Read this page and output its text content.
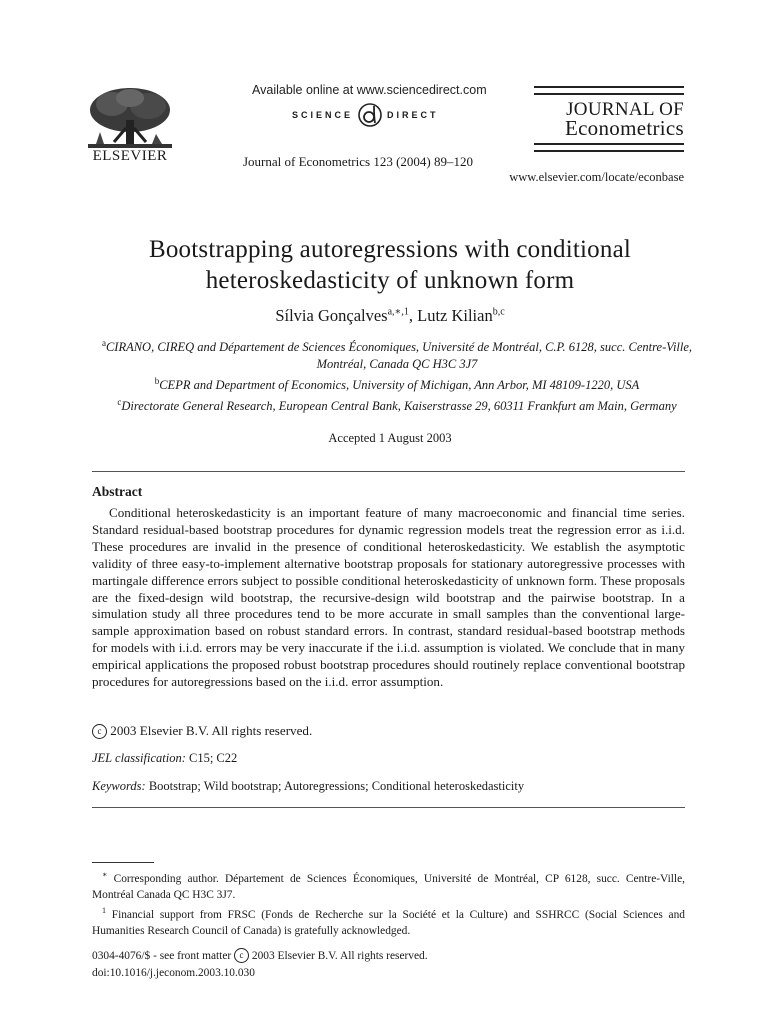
ELSEVIER
Available online at www.sciencedirect.com
SCIENCE	DIRECT
Journal of Econometrics 123 (2004) 89–120
JOURNAL OF
Econometrics
www.elsevier.com/locate/econbase
Bootstrapping autoregressions with conditional
heteroskedasticity of unknown form
Sílvia Gonçalves$^{a,∗,1}$, Lutz Kilian$^{b,c}$
$^a$CIRANO, CIREQ and Département de Sciences Économiques, Université de Montréal, C.P. 6128, succ. Centre-Ville, Montréal, Canada QC H3C 3J7
$^b$CEPR and Department of Economics, University of Michigan, Ann Arbor, MI 48109-1220, USA
$^c$Directorate General Research, European Central Bank, Kaiserstrasse 29, 60311 Frankfurt am Main, Germany
Accepted 1 August 2003
Abstract

Conditional heteroskedasticity is an important feature of many macroeconomic and financial time series. Standard residual-based bootstrap procedures for dynamic regression models treat the regression error as i.i.d. These procedures are invalid in the presence of conditional heteroskedasticity. We establish the asymptotic validity of three easy-to-implement alternative bootstrap proposals for stationary autoregressive processes with martingale difference errors subject to possible conditional heteroskedasticity of unknown form. These proposals are the fixed-design wild bootstrap, the recursive-design wild bootstrap and the pairwise bootstrap. In a simulation study all three procedures tend to be more accurate in small samples than the conventional large-sample approximation based on robust standard errors. In contrast, standard residual-based bootstrap methods for models with i.i.d. errors may be very inaccurate if the i.i.d. assumption is violated. We conclude that in many empirical applications the proposed robust bootstrap procedures should routinely replace conventional bootstrap procedures for autoregressions based on the i.i.d. error assumption.

c 2003 Elsevier B.V. All rights reserved.
JEL classification: C15; C22
Keywords: Bootstrap; Wild bootstrap; Autoregressions; Conditional heteroskedasticity

∗ Corresponding author. Département de Sciences Économiques, Université de Montréal, CP 6128, succ. Centre-Ville, Montréal Canada QC H3C 3J7.

$^1$ Financial support from FRSC (Fonds de Recherche sur la Société et la Culture) and SSHRCC (Social Sciences and Humanities Research Council of Canada) is gratefully acknowledged.

0304-4076/$ - see front matter c 2003 Elsevier B.V. All rights reserved.
doi:10.1016/j.jeconom.2003.10.030
